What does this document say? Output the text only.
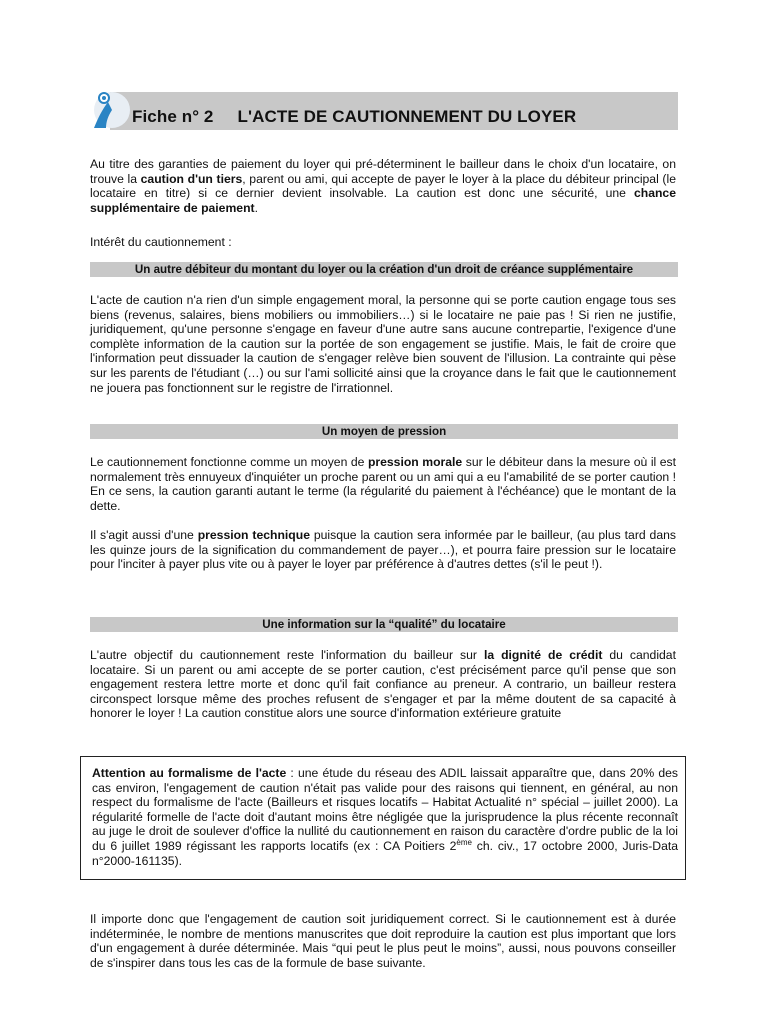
Fiche n° 2 L'ACTE DE CAUTIONNEMENT DU LOYER

Au titre des garanties de paiement du loyer qui pré-déterminent le bailleur dans le choix d'un locataire, on trouve la caution d'un tiers, parent ou ami, qui accepte de payer le loyer à la place du débiteur principal (le locataire en titre) si ce dernier devient insolvable. La caution est donc une sécurité, une chance supplémentaire de paiement.

Intérêt du cautionnement :

Un autre débiteur du montant du loyer ou la création d'un droit de créance supplémentaire

L'acte de caution n'a rien d'un simple engagement moral, la personne qui se porte caution engage tous ses biens (revenus, salaires, biens mobiliers ou immobiliers…) si le locataire ne paie pas ! Si rien ne justifie, juridiquement, qu'une personne s'engage en faveur d'une autre sans aucune contrepartie, l'exigence d'une complète information de la caution sur la portée de son engagement se justifie. Mais, le fait de croire que l'information peut dissuader la caution de s'engager relève bien souvent de l'illusion. La contrainte qui pèse sur les parents de l'étudiant (…) ou sur l'ami sollicité ainsi que la croyance dans le fait que le cautionnement ne jouera pas fonctionnent sur le registre de l'irrationnel.

Un moyen de pression

Le cautionnement fonctionne comme un moyen de pression morale sur le débiteur dans la mesure où il est normalement très ennuyeux d'inquiéter un proche parent ou un ami qui a eu l'amabilité de se porter caution ! En ce sens, la caution garanti autant le terme (la régularité du paiement à l'échéance) que le montant de la dette.

Il s'agit aussi d'une pression technique puisque la caution sera informée par le bailleur, (au plus tard dans les quinze jours de la signification du commandement de payer…), et pourra faire pression sur le locataire pour l'inciter à payer plus vite ou à payer le loyer par préférence à d'autres dettes (s'il le peut !).

Une information sur la “qualité” du locataire

L'autre objectif du cautionnement reste l'information du bailleur sur la dignité de crédit du candidat locataire. Si un parent ou ami accepte de se porter caution, c'est précisément parce qu'il pense que son engagement restera lettre morte et donc qu'il fait confiance au preneur. A contrario, un bailleur restera circonspect lorsque même des proches refusent de s'engager et par la même doutent de sa capacité à honorer le loyer ! La caution constitue alors une source d'information extérieure gratuite

Attention au formalisme de l'acte : une étude du réseau des ADIL laissait apparaître que, dans 20% des cas environ, l'engagement de caution n'était pas valide pour des raisons qui tiennent, en général, au non respect du formalisme de l'acte (Bailleurs et risques locatifs – Habitat Actualité n° spécial – juillet 2000). La régularité formelle de l'acte doit d'autant moins être négligée que la jurisprudence la plus récente reconnaît au juge le droit de soulever d'office la nullité du cautionnement en raison du caractère d'ordre public de la loi du 6 juillet 1989 régissant les rapports locatifs (ex : CA Poitiers 2ème ch. civ., 17 octobre 2000, Juris-Data n°2000-161135).

Il importe donc que l'engagement de caution soit juridiquement correct. Si le cautionnement est à durée indéterminée, le nombre de mentions manuscrites que doit reproduire la caution est plus important que lors d'un engagement à durée déterminée. Mais “qui peut le plus peut le moins”, aussi, nous pouvons conseiller de s'inspirer dans tous les cas de la formule de base suivante.
